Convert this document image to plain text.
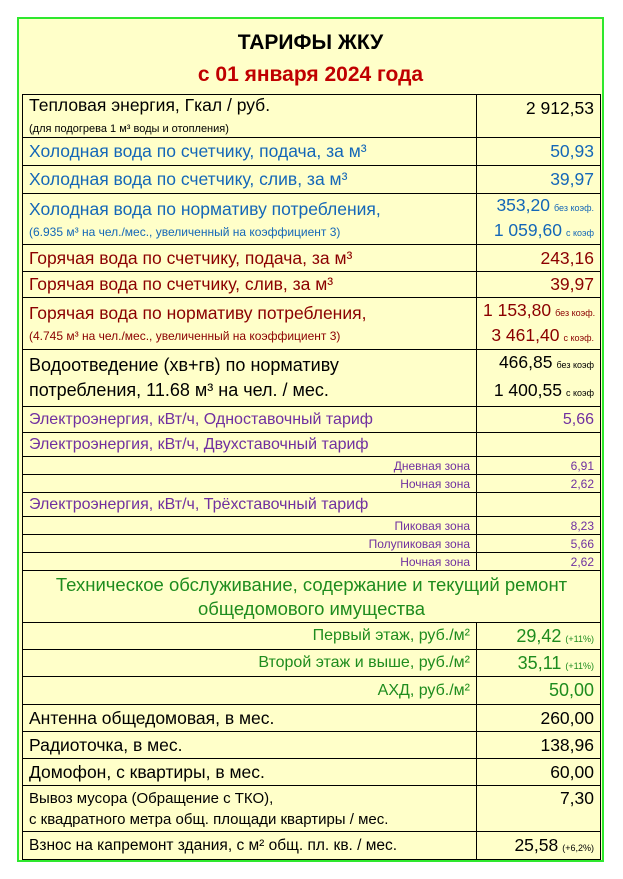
ТАРИФЫ ЖКУ
с 01 января 2024 года
Тепловая энергия, Гкал / руб.
(для подогрева 1 м³ воды и отопления)	2 912,53
Холодная вода по счетчику, подача, за м³	50,93
Холодная вода по счетчику, слив, за м³	39,97

Холодная вода по нормативу потребления,
(6.935 м³ на чел./мес., увеличенный на коэффициент 3)	353,20 без коэф.
1 059,60 с коэф

Горячая вода по счетчику, подача, за м³	243,16
Горячая вода по счетчику, слив, за м³	39,97

Горячая вода по нормативу потребления,
(4.745 м³ на чел./мес., увеличенный на коэффициент 3)	1 153,80 без коэф.
3 461,40 с коэф.

Водоотведение (хв+гв) по нормативу
потребления, 11.68 м³ на чел. / мес.	466,85 без коэф
1 400,55 с коэф

Электроэнергия, кВт/ч, Одноставочный тариф	5,66
Электроэнергия, кВт/ч, Двухставочный тариф	
Дневная зона	6,91
Ночная зона	2,62
Электроэнергия, кВт/ч, Трёхставочный тариф	
Пиковая зона	8,23
Полупиковая зона	5,66
Ночная зона	2,62

Техническое обслуживание, содержание и текущий ремонт
общедомового имущества	

Первый этаж, руб./м²	29,42 (+11%)
Второй этаж и выше, руб./м²	35,11 (+11%)
АХД, руб./м²	50,00
Антенна общедомовая, в мес.	260,00
Радиоточка, в мес.	138,96
Домофон, с квартиры, в мес.	60,00

Вывоз мусора (Обращение с ТКО),
с квадратного метра общ. площади квартиры / мес.	7,30
Взнос на капремонт здания, с м² общ. пл. кв. / мес.	25,58 (+6,2%)
